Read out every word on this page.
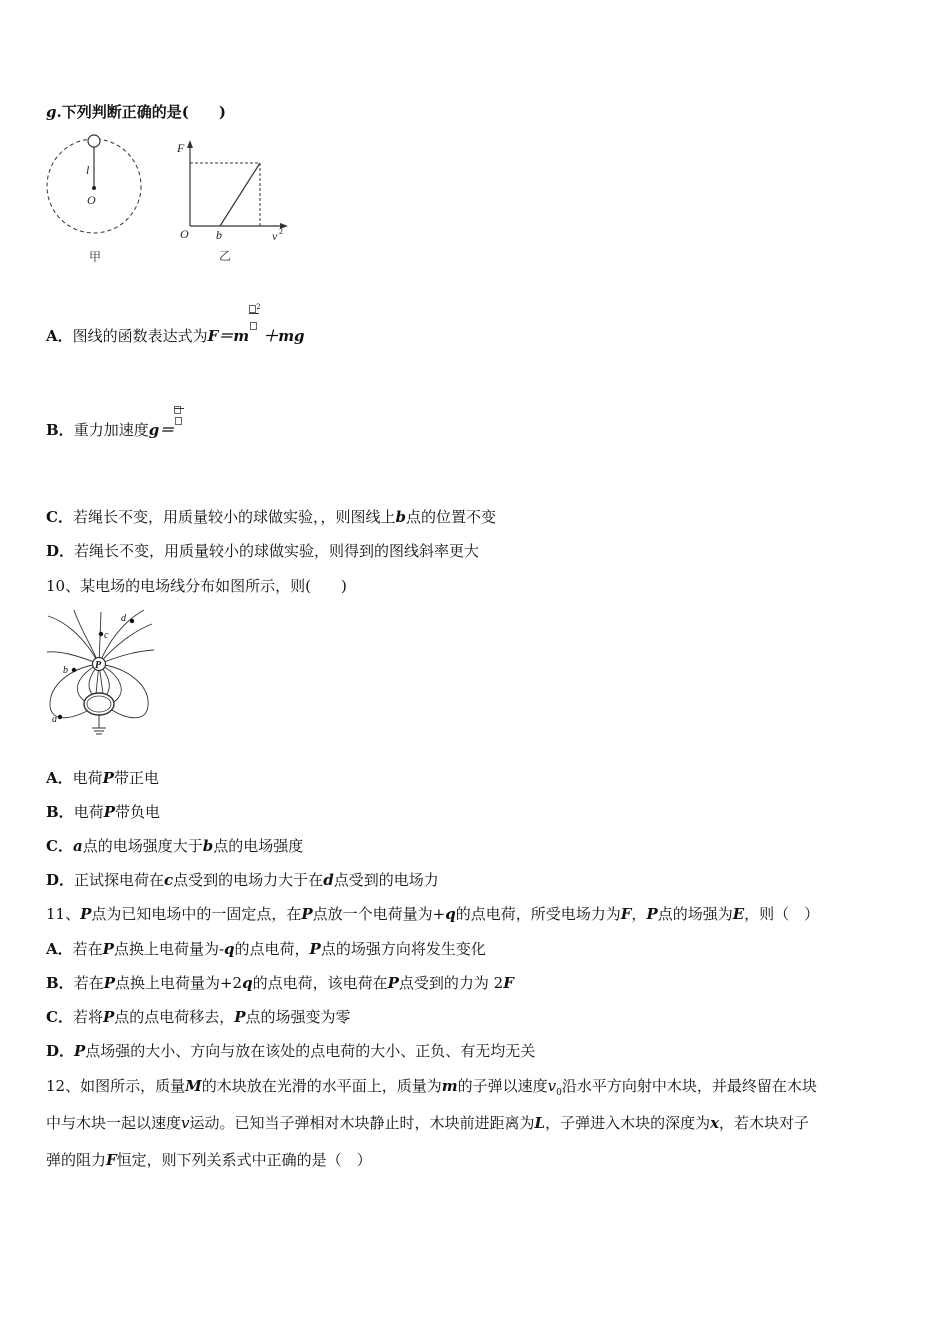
g.下列判断正确的是(　　)
l
O
甲
F
O b	v 2
乙
A．图线的函数表达式为F＝m
$^2$
＋mg
B．重力加速度g＝
C．若绳长不变，用质量较小的球做实验，，则图线上b点的位置不变
D．若绳长不变，用质量较小的球做实验，则得到的图线斜率更大
10、某电场的电场线分布如图所示，则(　　)
P
a
b
c
d
A．电荷P带正电
B．电荷P带负电
C．a点的电场强度大于b点的电场强度
D．正试探电荷在c点受到的电场力大于在d点受到的电场力
11、P点为已知电场中的一固定点，在P点放一个电荷量为+q的点电荷，所受电场力为F，P点的场强为E，则（　）
A．若在P点换上电荷量为-q的点电荷，P点的场强方向将发生变化
B．若在P点换上电荷量为+2q的点电荷，该电荷在P点受到的力为 2F
C．若将P点的点电荷移去，P点的场强变为零
D．P点场强的大小、方向与放在该处的点电荷的大小、正负、有无均无关
12、如图所示，质量M的木块放在光滑的水平面上，质量为m的子弹以速度$v_0$沿水平方向射中木块，并最终留在木块
中与木块一起以速度v运动。已知当子弹相对木块静止时，木块前进距离为L，子弹进入木块的深度为x，若木块对子
弹的阻力F恒定，则下列关系式中正确的是（　）
